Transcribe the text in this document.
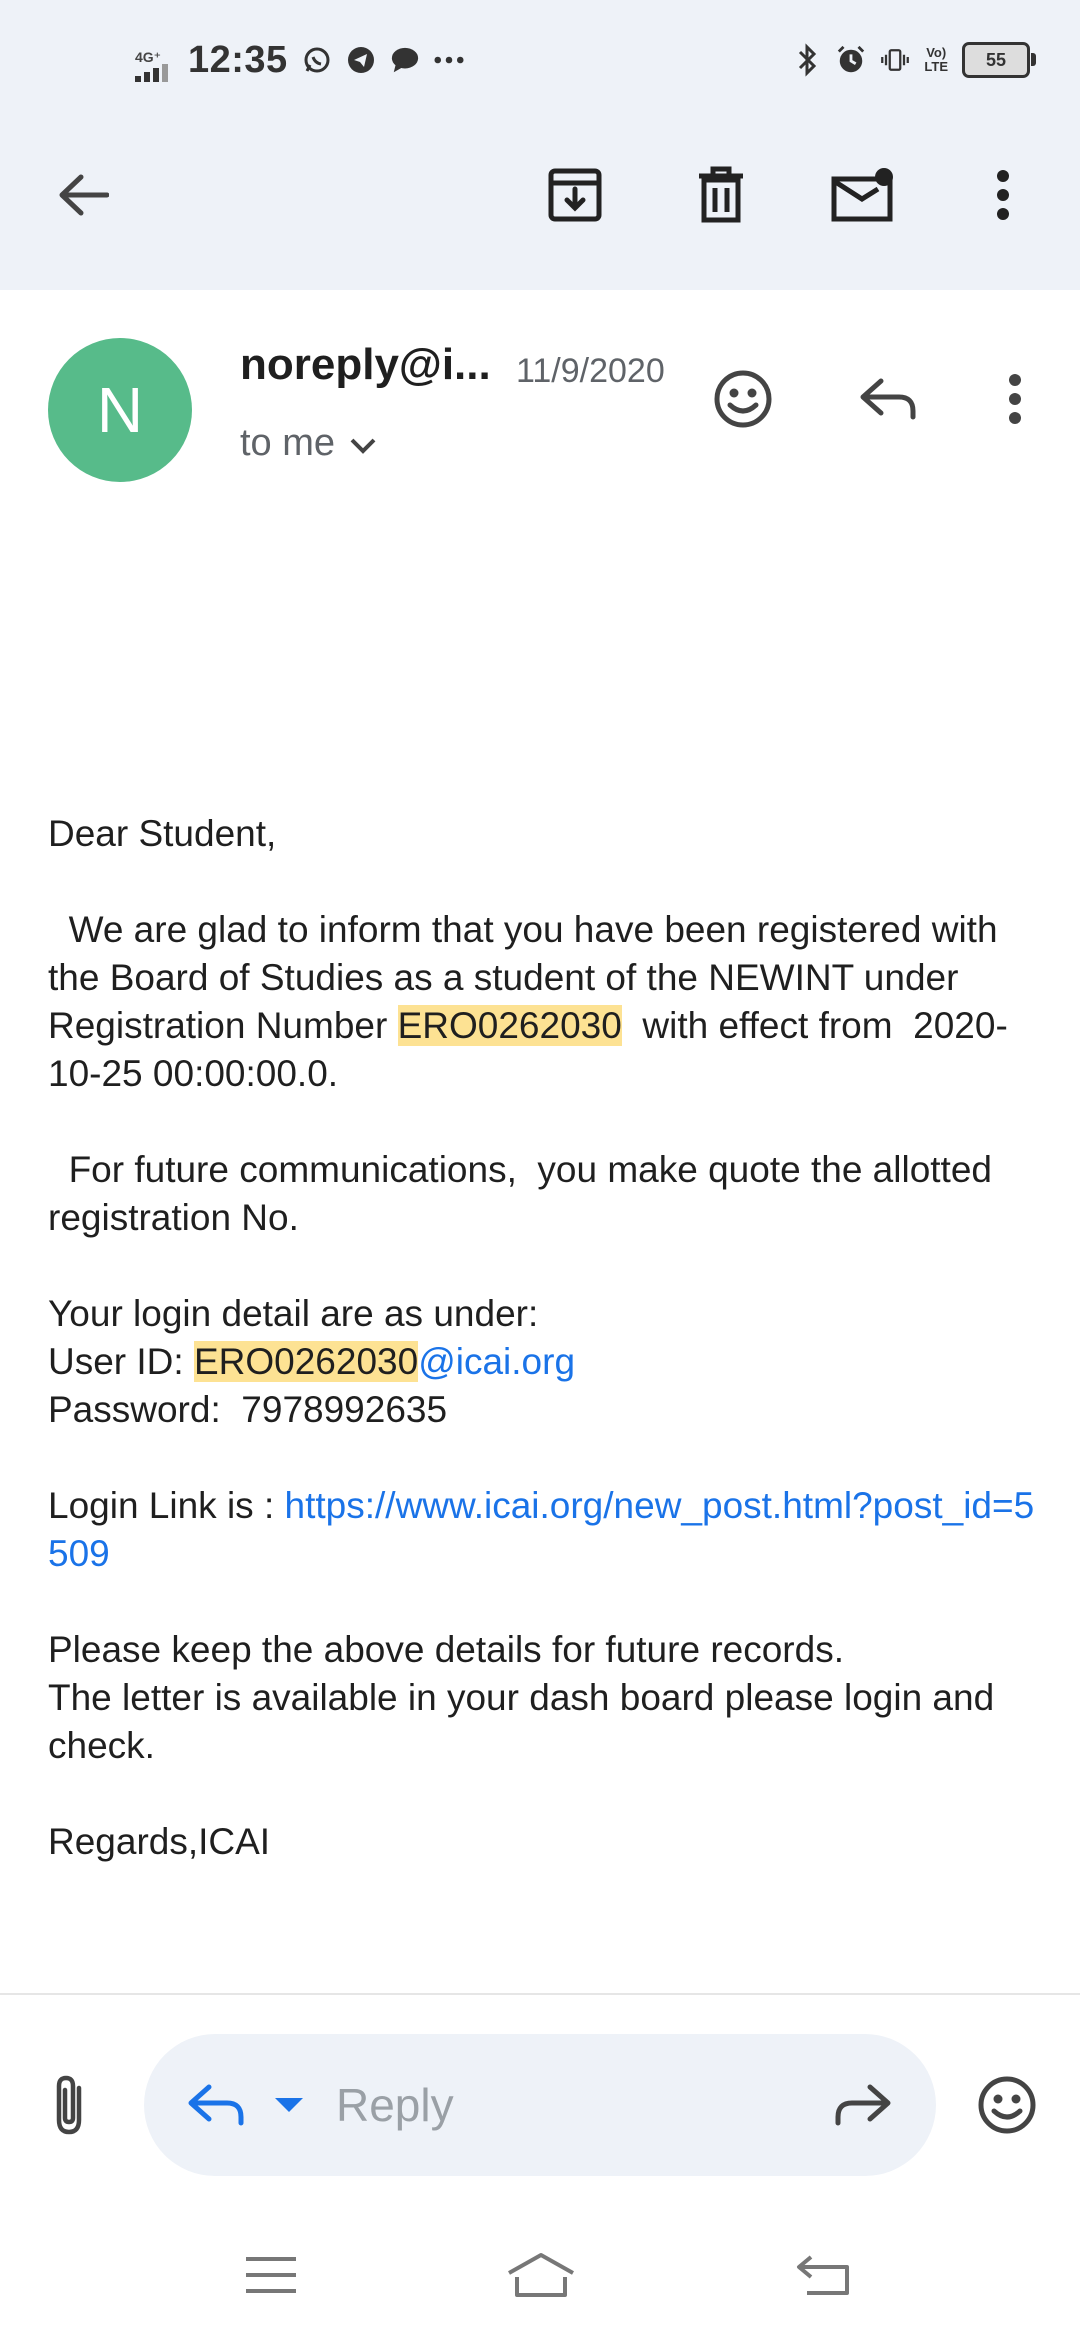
4G⁺ 12:35	Vo)
LTE	55
N
noreply@i... 11/9/2020
to me

Dear Student,

We are glad to inform that you have been registered with the Board of Studies as a student of the NEWINT under Registration Number ERO0262030  with effect from  2020-10-25 00:00:00.0.

For future communications,  you make quote the allotted registration No.

Your login detail are as under:

User ID: ERO0262030@icai.org

Password:  7978992635

Login Link is : https://www.icai.org/new_post.html?post_id=5509

Please keep the above details for future records.

The letter is available in your dash board please login and check.

Regards,ICAI

Reply
